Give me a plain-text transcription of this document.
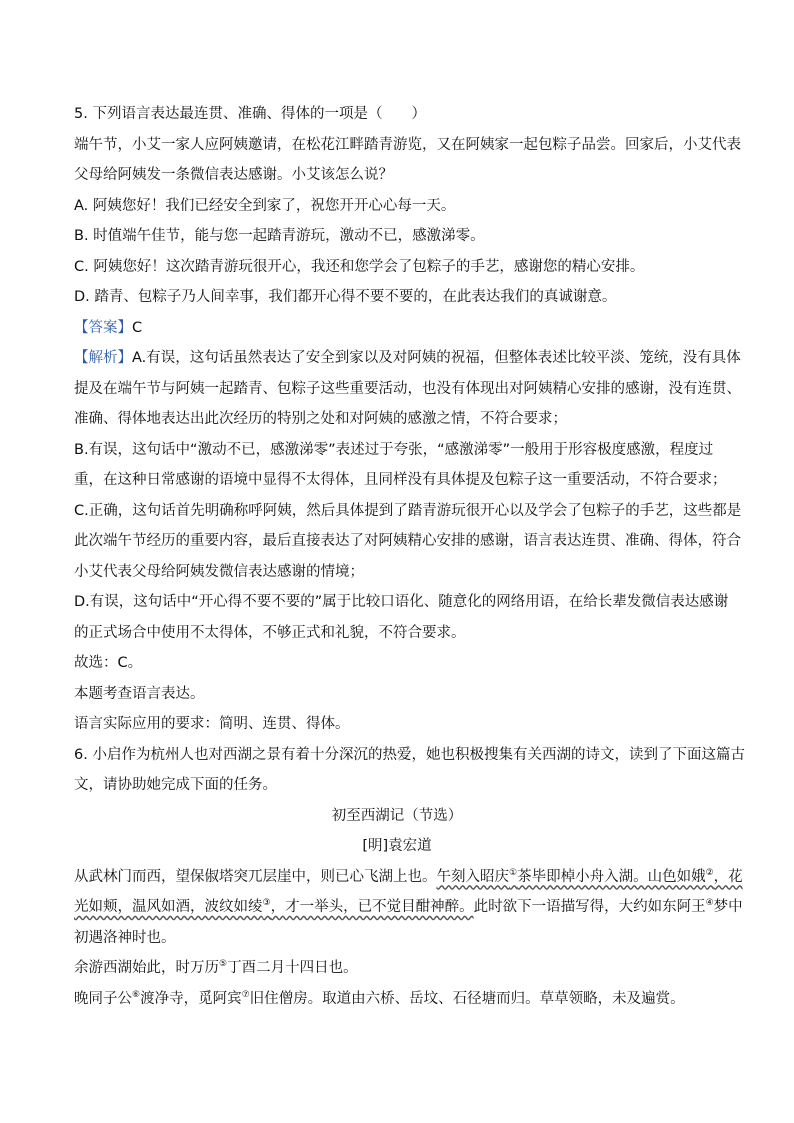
5. 下列语言表达最连贯、准确、得体的一项是（　　）

端午节，小艾一家人应阿姨邀请，在松花江畔踏青游览，又在阿姨家一起包粽子品尝。回家后，小艾代表

父母给阿姨发一条微信表达感谢。小艾该怎么说？

A. 阿姨您好！我们已经安全到家了，祝您开开心心每一天。

B. 时值端午佳节，能与您一起踏青游玩，激动不已，感激涕零。

C. 阿姨您好！这次踏青游玩很开心，我还和您学会了包粽子的手艺，感谢您的精心安排。

D. 踏青、包粽子乃人间幸事，我们都开心得不要不要的，在此表达我们的真诚谢意。

【答案】C

【解析】A.有误，这句话虽然表达了安全到家以及对阿姨的祝福，但整体表述比较平淡、笼统，没有具体

提及在端午节与阿姨一起踏青、包粽子这些重要活动，也没有体现出对阿姨精心安排的感谢，没有连贯、

准确、得体地表达出此次经历的特别之处和对阿姨的感激之情，不符合要求；

B.有误，这句话中“激动不已，感激涕零”表述过于夸张，“感激涕零”一般用于形容极度感激，程度过

重，在这种日常感谢的语境中显得不太得体，且同样没有具体提及包粽子这一重要活动，不符合要求；

C.正确，这句话首先明确称呼阿姨，然后具体提到了踏青游玩很开心以及学会了包粽子的手艺，这些都是

此次端午节经历的重要内容，最后直接表达了对阿姨精心安排的感谢，语言表达连贯、准确、得体，符合

小艾代表父母给阿姨发微信表达感谢的情境；

D.有误，这句话中“开心得不要不要的”属于比较口语化、随意化的网络用语，在给长辈发微信表达感谢

的正式场合中使用不太得体，不够正式和礼貌，不符合要求。

故选：C。

本题考查语言表达。

语言实际应用的要求：简明、连贯、得体。

6. 小启作为杭州人也对西湖之景有着十分深沉的热爱，她也积极搜集有关西湖的诗文，读到了下面这篇古

文，请协助她完成下面的任务。

初至西湖记（节选）

[明]袁宏道

从武林门而西，望保俶塔突兀层崖中，则已心飞湖上也。午刻入昭庆①茶毕即棹小舟入湖。山色如娥②，花

光如颊，温风如酒，波纹如绫③，才一举头，已不觉目酣神醉。此时欲下一语描写得，大约如东阿王④梦中

初遇洛神时也。

余游西湖始此，时万历⑤丁酉二月十四日也。

晚同子公⑥渡净寺，觅阿宾⑦旧住僧房。取道由六桥、岳坟、石径塘而归。草草领略，未及遍赏。
